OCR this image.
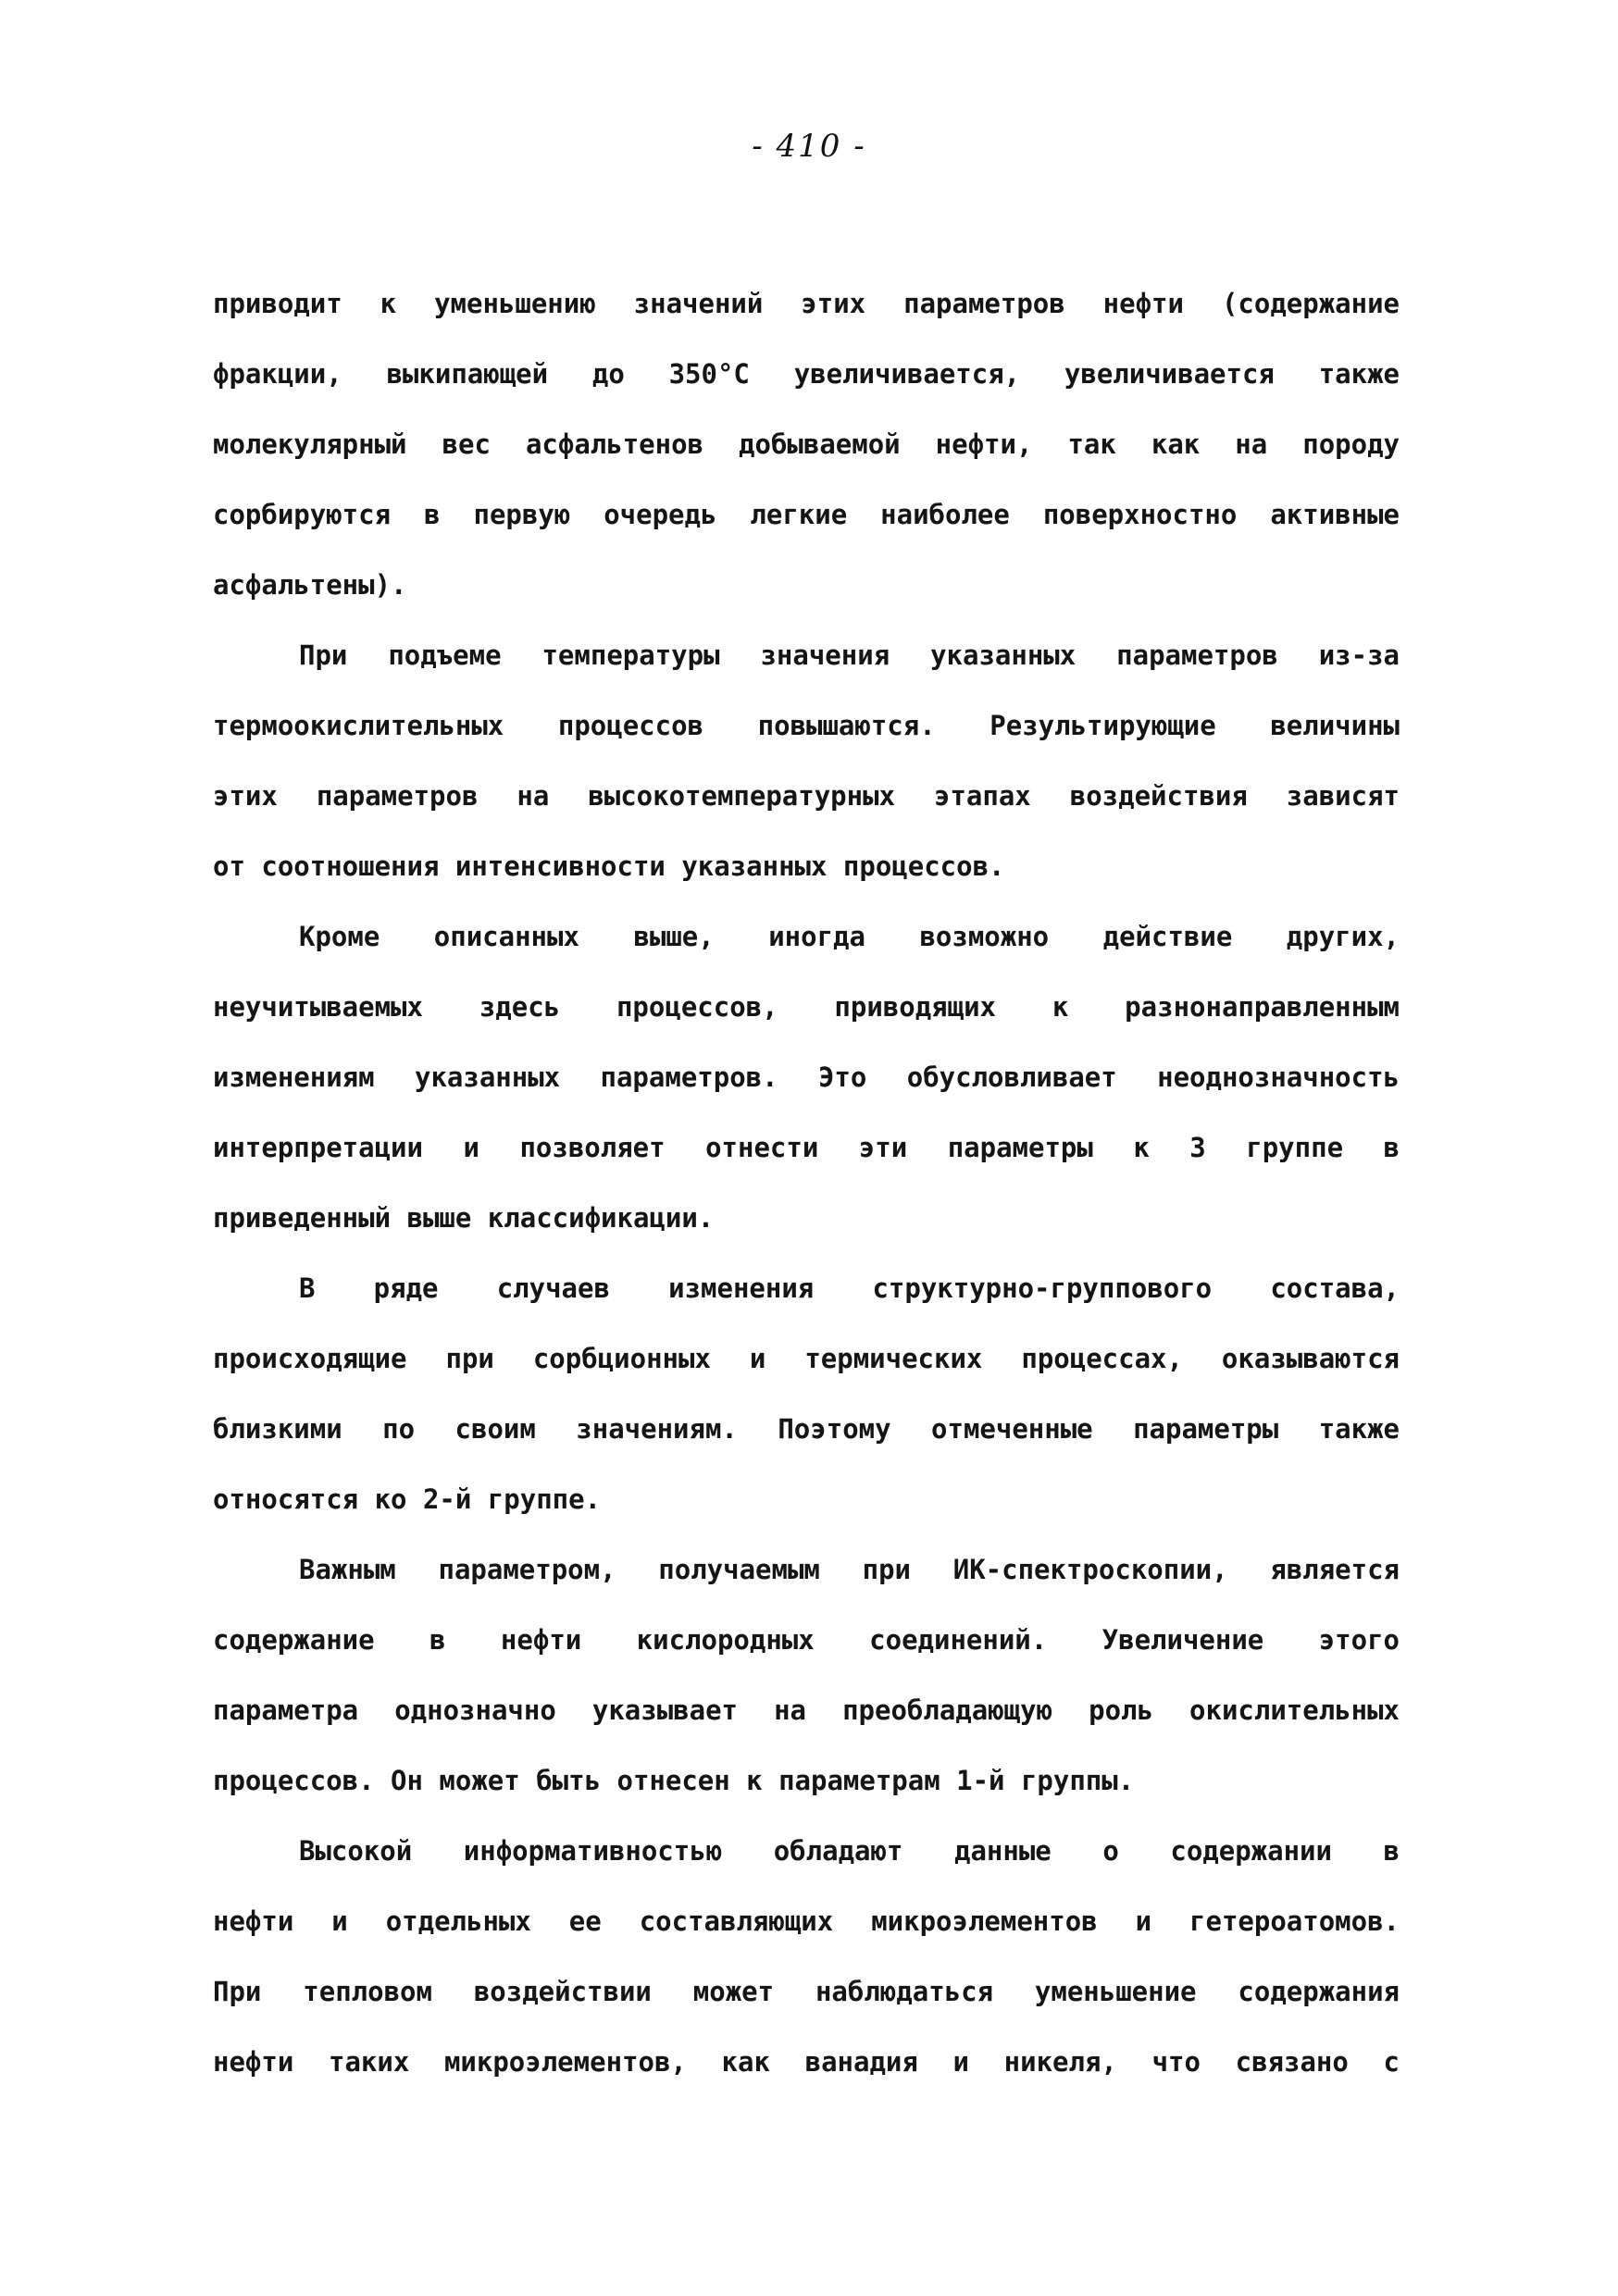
- 410 -
приводит к уменьшению значений этих параметров нефти (содержание
фракции, выкипающей до 350°С увеличивается, увеличивается также
молекулярный вес асфальтенов добываемой нефти, так как на породу
сорбируются в первую очередь легкие наиболее поверхностно активные
асфальтены).
При подъеме температуры значения указанных параметров из-за
термоокислительных процессов повышаются. Результирующие величины
этих параметров на высокотемпературных этапах воздействия зависят
от соотношения интенсивности указанных процессов.
Кроме описанных выше, иногда возможно действие других,
неучитываемых здесь процессов, приводящих к разнонаправленным
изменениям указанных параметров. Это обусловливает неоднозначность
интерпретации и позволяет отнести эти параметры к 3 группе в
приведенный выше классификации.
В ряде случаев изменения структурно-группового состава,
происходящие при сорбционных и термических процессах, оказываются
близкими по своим значениям. Поэтому отмеченные параметры также
относятся ко 2-й группе.
Важным параметром, получаемым при ИК-спектроскопии, является
содержание в нефти кислородных соединений. Увеличение этого
параметра однозначно указывает на преобладающую роль окислительных
процессов. Он может быть отнесен к параметрам 1-й группы.
Высокой информативностью обладают данные о содержании в
нефти и отдельных ее составляющих микроэлементов и гетероатомов.
При тепловом воздействии может наблюдаться уменьшение содержания
нефти таких микроэлементов, как ванадия и никеля, что связано с
